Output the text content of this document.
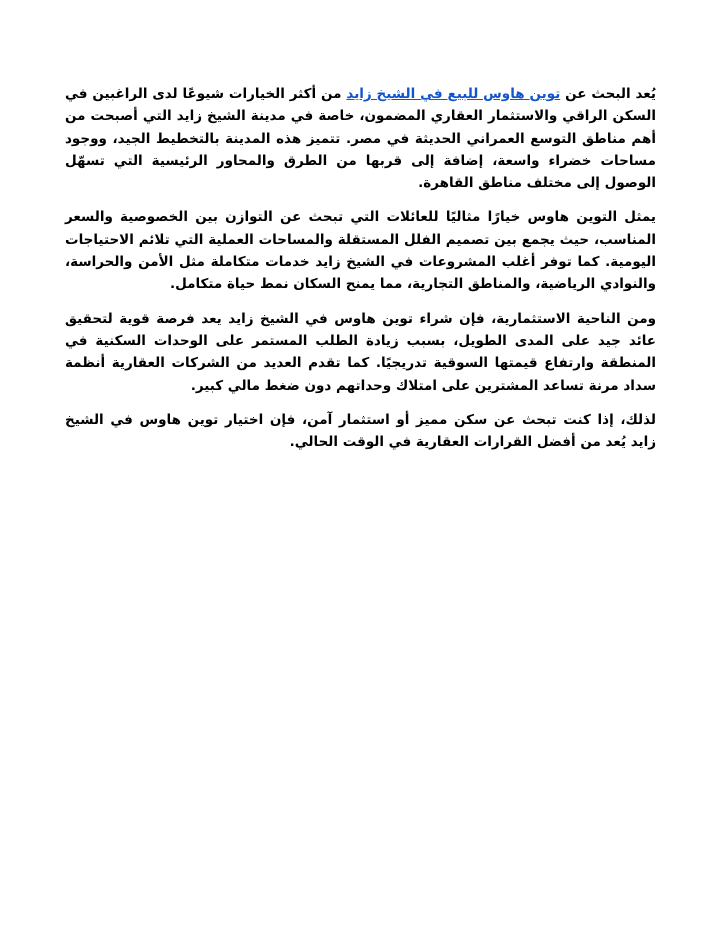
يُعد البحث عن توين هاوس للبيع في الشيخ زايد من أكثر الخيارات شيوعًا لدى الراغبين في السكن الراقي والاستثمار العقاري المضمون، خاصة في مدينة الشيخ زايد التي أصبحت من أهم مناطق التوسع العمراني الحديثة في مصر. تتميز هذه المدينة بالتخطيط الجيد، ووجود مساحات خضراء واسعة، إضافة إلى قربها من الطرق والمحاور الرئيسية التي تسهّل الوصول إلى مختلف مناطق القاهرة.

يمثل التوين هاوس خيارًا مثاليًا للعائلات التي تبحث عن التوازن بين الخصوصية والسعر المناسب، حيث يجمع بين تصميم الفلل المستقلة والمساحات العملية التي تلائم الاحتياجات اليومية. كما توفر أغلب المشروعات في الشيخ زايد خدمات متكاملة مثل الأمن والحراسة، والنوادي الرياضية، والمناطق التجارية، مما يمنح السكان نمط حياة متكامل.

ومن الناحية الاستثمارية، فإن شراء توين هاوس في الشيخ زايد يعد فرصة قوية لتحقيق عائد جيد على المدى الطويل، بسبب زيادة الطلب المستمر على الوحدات السكنية في المنطقة وارتفاع قيمتها السوقية تدريجيًا. كما تقدم العديد من الشركات العقارية أنظمة سداد مرنة تساعد المشترين على امتلاك وحداتهم دون ضغط مالي كبير.

لذلك، إذا كنت تبحث عن سكن مميز أو استثمار آمن، فإن اختيار توين هاوس في الشيخ زايد يُعد من أفضل القرارات العقارية في الوقت الحالي.
